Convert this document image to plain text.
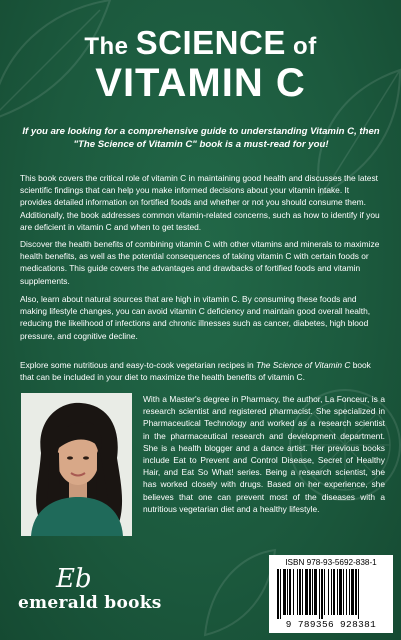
The SCIENCE of
VITAMIN C
If you are looking for a comprehensive guide to understanding Vitamin C, then "The Science of Vitamin C" book is a must-read for you!
This book covers the critical role of vitamin C in maintaining good health and discusses the latest scientific findings that can help you make informed decisions about your vitamin intake. It provides detailed information on fortified foods and whether or not you should consume them. Additionally, the book addresses common vitamin-related concerns, such as how to identify if you are deficient in vitamin C and when to get tested.
Discover the health benefits of combining vitamin C with other vitamins and minerals to maximize health benefits, as well as the potential consequences of taking vitamin C with certain foods or medications. This guide covers the advantages and drawbacks of fortified foods and vitamin supplements.
Also, learn about natural sources that are high in vitamin C. By consuming these foods and making lifestyle changes, you can avoid vitamin C deficiency and maintain good overall health, reducing the likelihood of infections and chronic illnesses such as cancer, diabetes, high blood pressure, and cognitive decline.
Explore some nutritious and easy-to-cook vegetarian recipes in The Science of Vitamin C book that can be included in your diet to maximize the health benefits of vitamin C.
With a Master's degree in Pharmacy, the author, La Fonceur, is a research scientist and registered pharmacist. She specialized in Pharmaceutical Technology and worked as a research scientist in the pharmaceutical research and development department. She is a health blogger and a dance artist. Her previous books include Eat to Prevent and Control Disease, Secret of Healthy Hair, and Eat So What! series. Being a research scientist, she has worked closely with drugs. Based on her experience, she believes that one can prevent most of the diseases with a nutritious vegetarian diet and a healthy lifestyle.
Eb
emerald books
ISBN 978-93-5692-838-1
9 789356 928381
